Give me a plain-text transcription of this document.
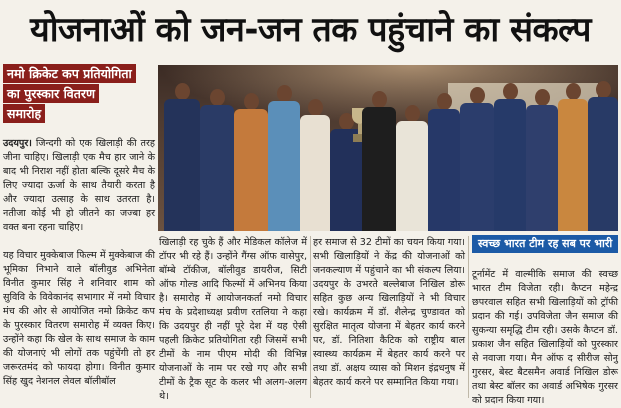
योजनाओं को जन-जन तक पहुंचाने का संकल्प
नमो क्रिकेट कप प्रतियोगिता
का पुरस्कार वितरण
समारोह
उदयपुर। जिन्दगी को एक खिलाड़ी की तरह जीना चाहिए। खिलाड़ी एक मैच हार जाने के बाद भी निराश नहीं होता बल्कि दूसरे मैच के लिए ज्यादा ऊर्जा के साथ तैयारी करता है और ज्यादा उत्साह के साथ उतरता है। नतीजा कोई भी हो जीतने का जज्बा हर वक्त बना रहना चाहिए।
यह विचार मुक्केबाज फिल्म में मुक्केबाज की भूमिका निभाने वाले बॉलीवुड अभिनेता विनीत कुमार सिंह ने शनिवार शाम को सुविवि के विवेकानंद सभागार में नमो विचार मंच की ओर से आयोजित नमो क्रिकेट कप के पुरस्कार वितरण समारोह में व्यक्त किए। उन्होंने कहा कि खेल के साथ समाज के काम की योजनाएं भी लोगों तक पहुंचेंगी तो हर जरूरतमंद को फायदा होगा। विनीत कुमार सिंह खुद नेशनल लेवल बॉलीबॉल
खिलाड़ी रह चुके हैं और मेडिकल कॉलेज में टॉपर भी रहे हैं। उन्होंने गैंग्स ऑफ वासेपुर, बॉम्बे टॉकीज, बॉलीवुड डायरीज, सिटी ऑफ गोल्ड आदि फिल्मों में अभिनय किया है। समारोह में आयोजनकर्ता नमो विचार मंच के प्रदेशाध्यक्ष प्रवीण रतलिया ने कहा कि उदयपुर ही नहीं पूरे देश में यह ऐसी पहली क्रिकेट प्रतियोगिता रही जिसमें सभी टीमों के नाम पीएम मोदी की विभिन्न योजनाओं के नाम पर रखे गए और सभी टीमों के ट्रैक सूट के कलर भी अलग-अलग थे।
हर समाज से 32 टीमों का चयन किया गया। सभी खिलाड़ियों ने केंद्र की योजनाओं को जनकल्याण में पहुंचाने का भी संकल्प लिया। उदयपुर के उभरते बल्लेबाज निखिल डोरू सहित कुछ अन्य खिलाड़ियों ने भी विचार रखे। कार्यक्रम में डॉ. शैलेन्द्र चुण्डावत को सुरक्षित मातृत्व योजना में बेहतर कार्य करने पर, डॉ. नितिशा कैटिक को राष्ट्रीय बाल स्वास्थ्य कार्यक्रम में बेहतर कार्य करने पर तथा डॉ. अक्षय व्यास को मिशन इंद्रधनुष में बेहतर कार्य करने पर सम्मानित किया गया।
स्वच्छ भारत टीम रह सब पर भारी
टूर्नामेंट में वाल्मीकि समाज की स्वच्छ भारत टीम विजेता रही। कैप्टन महेन्द्र छपरवाल सहित सभी खिलाड़ियों को ट्रॉफी प्रदान की गई। उपविजेता जैन समाज की सुकन्या समृद्धि टीम रही। उसके कैप्टन डॉ. प्रकाश जैन सहित खिलाड़ियों को पुरस्कार से नवाजा गया। मैन ऑफ द सीरीज सोनु गुरसर, बेस्ट बैटसमैन अवार्ड निखिल डोरू तथा बेस्ट बॉलर का अवार्ड अभिषेक गुरसर को प्रदान किया गया।
